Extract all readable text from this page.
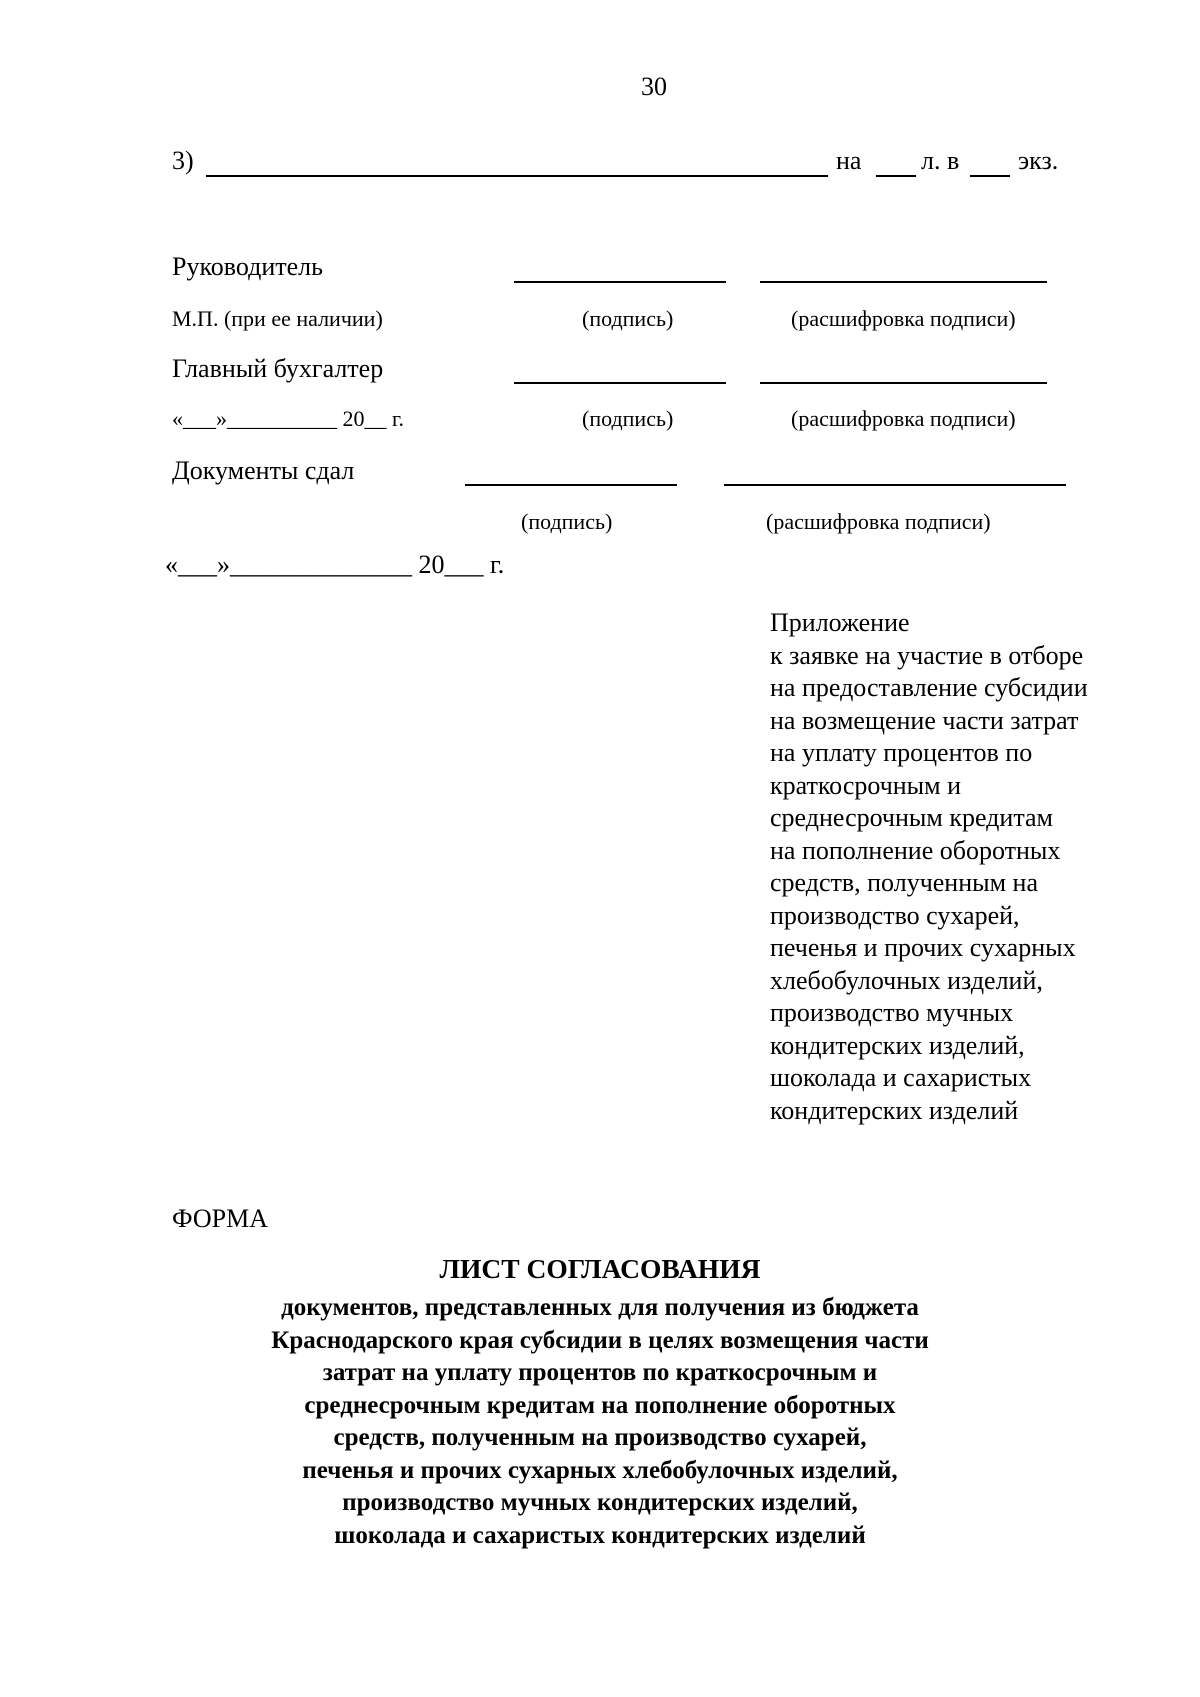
30
3)	на л. в экз.
Руководитель
М.П. (при ее наличии)	(подпись)	(расшифровка подписи)
Главный бухгалтер
«___»__________ 20__ г.	(подпись)	(расшифровка подписи)
Документы сдал
(подпись)	(расшифровка подписи)
«___»______________ 20___ г.
Приложение
к заявке на участие в отборе
на предоставление субсидии
на возмещение части затрат
на уплату процентов по
краткосрочным и
среднесрочным кредитам
на пополнение оборотных
средств, полученным на
производство сухарей,
печенья и прочих сухарных
хлебобулочных изделий,
производство мучных
кондитерских изделий,
шоколада и сахаристых
кондитерских изделий
ФОРМА
ЛИСТ СОГЛАСОВАНИЯ
документов, представленных для получения из бюджета
Краснодарского края субсидии в целях возмещения части
затрат на уплату процентов по краткосрочным и
среднесрочным кредитам на пополнение оборотных
средств, полученным на производство сухарей,
печенья и прочих сухарных хлебобулочных изделий,
производство мучных кондитерских изделий,
шоколада и сахаристых кондитерских изделий
